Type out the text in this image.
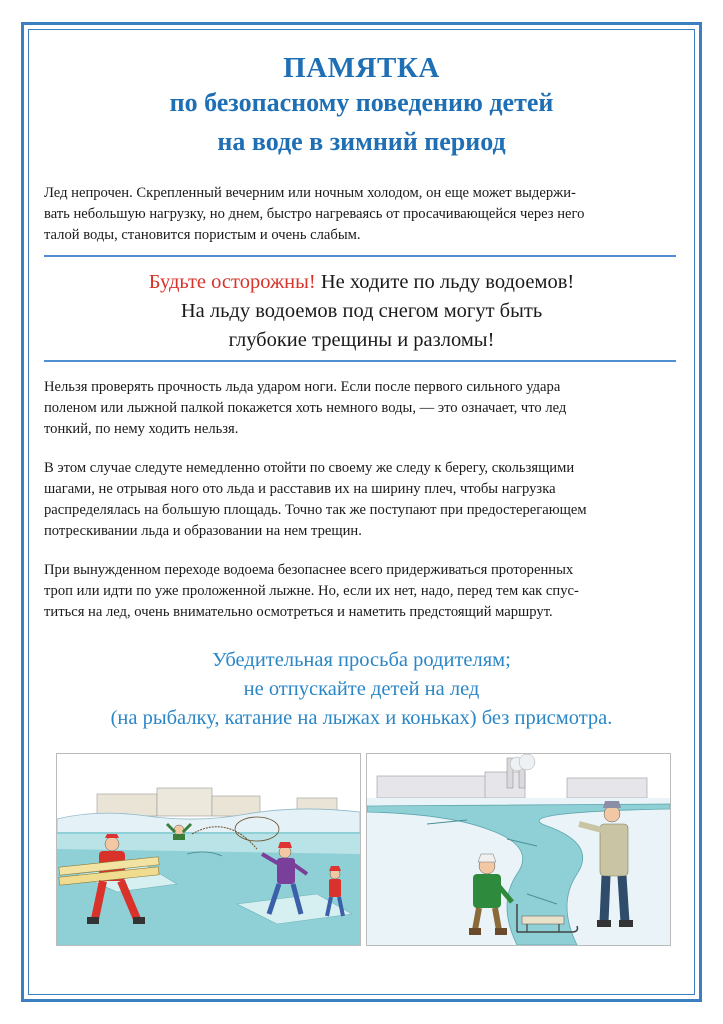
ПАМЯТКА
по безопасному поведению детей
на воде в зимний период
Лед непрочен. Скрепленный вечерним или ночным холодом, он еще может выдержи-
вать небольшую нагрузку, но днем, быстро нагреваясь от просачивающейся через него
талой воды, становится пористым и очень слабым.
Будьте осторожны! Не ходите по льду водоемов!
На льду водоемов под снегом могут быть
глубокие трещины и разломы!
Нельзя проверять прочность льда ударом ноги. Если после первого сильного удара
поленом или лыжной палкой покажется хоть немного воды, — это означает, что лед
тонкий, по нему ходить нельзя.
В этом случае следуте немедленно отойти по своему же следу к берегу, скользящими
шагами, не отрывая ного ото льда и расставив их на ширину плеч, чтобы нагрузка
распределялась на большую площадь. Точно так же поступают при предостерегающем
потрескивании льда и образовании на нем трещин.
При вынужденном переходе водоема безопаснее всего придерживаться проторенных
троп или идти по уже проложенной лыжне. Но, если их нет, надо, перед тем как спус-
титься на лед, очень внимательно осмотреться и наметить предстоящий маршрут.
Убедительная просьба родителям;
не отпускайте детей на лед
(на рыбалку, катание на лыжах и коньках) без присмотра.
